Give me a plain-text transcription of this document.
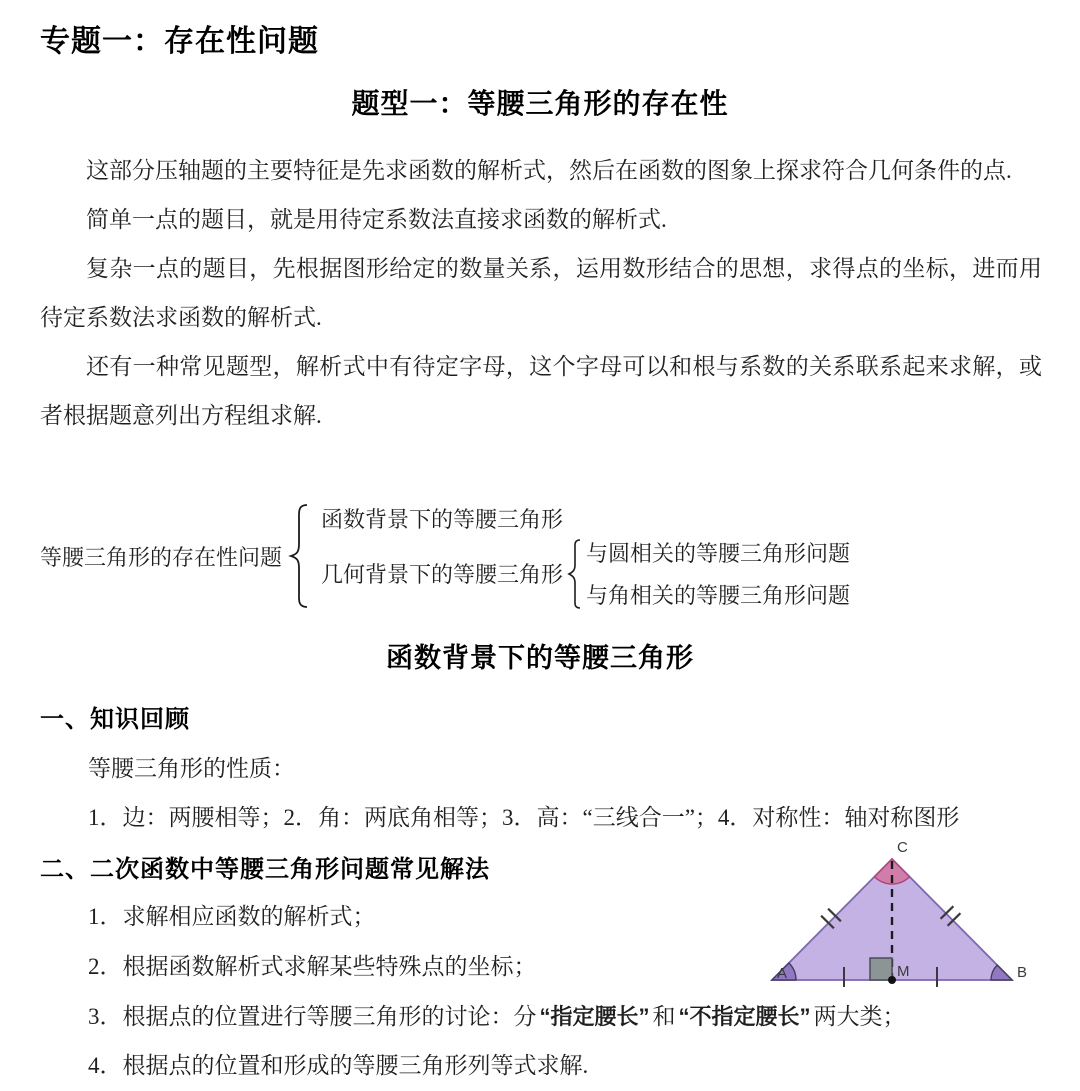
专题一：存在性问题
题型一：等腰三角形的存在性

这部分压轴题的主要特征是先求函数的解析式，然后在函数的图象上探求符合几何条件的点.

简单一点的题目，就是用待定系数法直接求函数的解析式.

复杂一点的题目，先根据图形给定的数量关系，运用数形结合的思想，求得点的坐标，进而用待定系数法求函数的解析式.

还有一种常见题型，解析式中有待定字母，这个字母可以和根与系数的关系联系起来求解，或者根据题意列出方程组求解.

等腰三角形的存在性问题
函数背景下的等腰三角形
几何背景下的等腰三角形
与圆相关的等腰三角形问题
与角相关的等腰三角形问题
函数背景下的等腰三角形
一、知识回顾
等腰三角形的性质：
1．边：两腰相等；2．角：两底角相等；3．高：“三线合一”；4．对称性：轴对称图形
二、二次函数中等腰三角形问题常见解法
1．求解相应函数的解析式；
2．根据函数解析式求解某些特殊点的坐标；
3．根据点的位置进行等腰三角形的讨论：分 “指定腰长” 和 “不指定腰长” 两大类；
4．根据点的位置和形成的等腰三角形列等式求解.
C
A	B
M
